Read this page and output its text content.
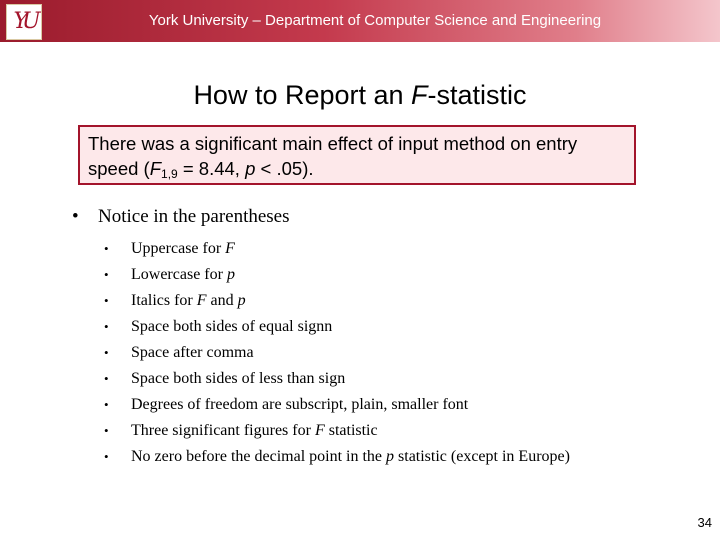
YU	York University – Department of Computer Science and Engineering
How to Report an F-statistic
There was a significant main effect of input method on entry
speed ($F_{1,9} = 8.44$, p < .05).
•	Notice in the parentheses
•	Uppercase for F
•	Lowercase for p
•	Italics for F and p
•	Space both sides of equal signn
•	Space after comma
•	Space both sides of less than sign
•	Degrees of freedom are subscript, plain, smaller font
•	Three significant figures for F statistic
•	No zero before the decimal point in the p statistic (except in Europe)
34
